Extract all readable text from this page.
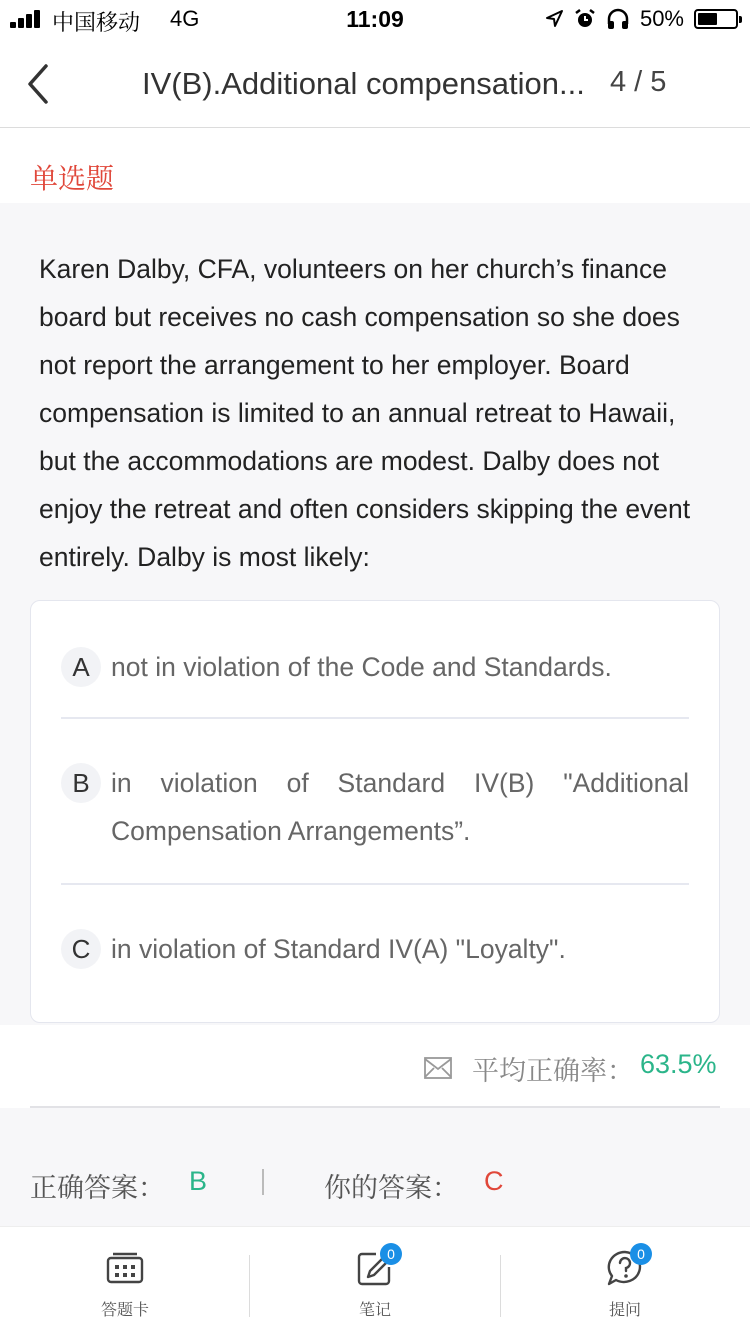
中国移动 4G	11:09	50%
IV(B).Additional compensation... 4 / 5
单选题
Karen Dalby, CFA, volunteers on her church’s finance board but receives no cash compensation so she does not report the arrangement to her employer. Board compensation is limited to an annual retreat to Hawaii, but the accommodations are modest. Dalby does not enjoy the retreat and often considers skipping the event entirely. Dalby is most likely:
A not in violation of the Code and Standards.
B in violation of Standard IV(B) "Additional Compensation Arrangements”.
C in violation of Standard IV(A) "Loyalty".
平均正确率： 63.5%
正确答案： B	你的答案： C
答题卡
0
笔记
0
提问
